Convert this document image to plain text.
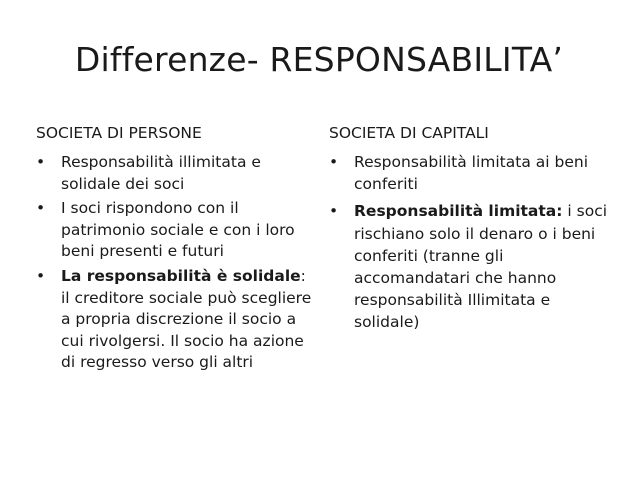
Differenze- RESPONSABILITA’
SOCIETA DI PERSONE
• Responsabilità illimitata e solidale dei soci
• I soci rispondono con il patrimonio sociale e con i loro beni presenti e futuri
• La responsabilità è solidale: il creditore sociale può scegliere a propria discrezione il socio a cui rivolgersi. Il socio ha azione di regresso verso gli altri
SOCIETA DI CAPITALI
• Responsabilità limitata ai beni conferiti
• Responsabilità limitata: i soci rischiano solo il denaro o i beni conferiti (tranne gli accomandatari che hanno responsabilità Illimitata e solidale)
